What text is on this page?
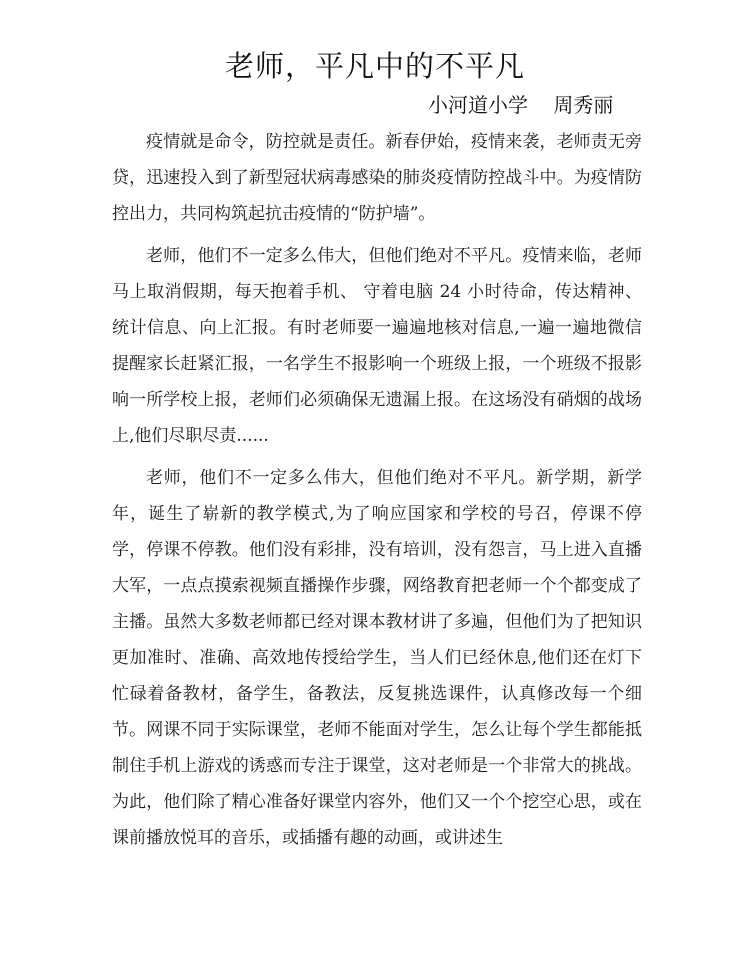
老师，平凡中的不平凡

小河道小学    周秀丽

疫情就是命令，防控就是责任。新春伊始，疫情来袭，老师责无旁贷，迅速投入到了新型冠状病毒感染的肺炎疫情防控战斗中。为疫情防控出力，共同构筑起抗击疫情的“防护墙”。

老师，他们不一定多么伟大，但他们绝对不平凡。疫情来临，老师马上取消假期，每天抱着手机、 守着电脑 24 小时待命，传达精神、统计信息、向上汇报。有时老师要一遍遍地核对信息,一遍一遍地微信提醒家长赶紧汇报，一名学生不报影响一个班级上报，一个班级不报影响一所学校上报，老师们必须确保无遗漏上报。在这场没有硝烟的战场上,他们尽职尽责......

老师，他们不一定多么伟大，但他们绝对不平凡。新学期，新学年，诞生了崭新的教学模式,为了响应国家和学校的号召，停课不停学，停课不停教。他们没有彩排，没有培训，没有怨言，马上进入直播大军，一点点摸索视频直播操作步骤，网络教育把老师一个个都变成了主播。虽然大多数老师都已经对课本教材讲了多遍，但他们为了把知识更加准时、准确、高效地传授给学生，当人们已经休息,他们还在灯下忙碌着备教材，备学生，备教法，反复挑选课件，认真修改每一个细节。网课不同于实际课堂，老师不能面对学生，怎么让每个学生都能抵制住手机上游戏的诱惑而专注于课堂，这对老师是一个非常大的挑战。为此，他们除了精心准备好课堂内容外，他们又一个个挖空心思，或在课前播放悦耳的音乐，或插播有趣的动画，或讲述生
